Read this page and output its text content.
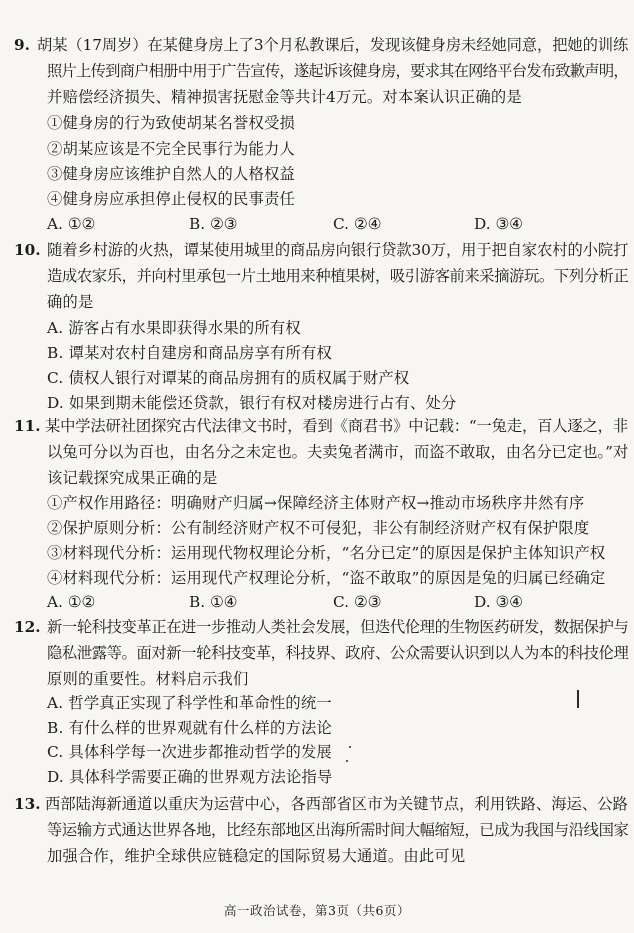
9. 胡某（17周岁）在某健身房上了3个月私教课后，发现该健身房未经她同意，把她的训练
照片上传到商户相册中用于广告宣传，遂起诉该健身房，要求其在网络平台发布致歉声明，
并赔偿经济损失、精神损害抚慰金等共计4万元。对本案认识正确的是
①健身房的行为致使胡某名誉权受损
②胡某应该是不完全民事行为能力人
③健身房应该维护自然人的人格权益
④健身房应承担停止侵权的民事责任
A. ①②	B. ②③	C. ②④	D. ③④
10. 随着乡村游的火热，谭某使用城里的商品房向银行贷款30万，用于把自家农村的小院打
造成农家乐，并向村里承包一片土地用来种植果树，吸引游客前来采摘游玩。下列分析正
确的是
A. 游客占有水果即获得水果的所有权
B. 谭某对农村自建房和商品房享有所有权
C. 债权人银行对谭某的商品房拥有的质权属于财产权
D. 如果到期未能偿还贷款，银行有权对楼房进行占有、处分
11. 某中学法研社团探究古代法律文书时，看到《商君书》中记载：“一兔走，百人逐之，非
以兔可分以为百也，由名分之未定也。夫卖兔者满市，而盗不敢取，由名分已定也。”对
该记载探究成果正确的是
①产权作用路径：明确财产归属→保障经济主体财产权→推动市场秩序井然有序
②保护原则分析：公有制经济财产权不可侵犯，非公有制经济财产权有保护限度
③材料现代分析：运用现代物权理论分析，“名分已定”的原因是保护主体知识产权
④材料现代分析：运用现代产权理论分析，“盗不敢取”的原因是兔的归属已经确定
A. ①②	B. ①④	C. ②③	D. ③④
12. 新一轮科技变革正在进一步推动人类社会发展，但迭代伦理的生物医药研发，数据保护与
隐私泄露等。面对新一轮科技变革，科技界、政府、公众需要认识到以人为本的科技伦理
原则的重要性。材料启示我们
A. 哲学真正实现了科学性和革命性的统一
B. 有什么样的世界观就有什么样的方法论
C. 具体科学每一次进步都推动哲学的发展
D. 具体科学需要正确的世界观方法论指导
13. 西部陆海新通道以重庆为运营中心，各西部省区市为关键节点，利用铁路、海运、公路
等运输方式通达世界各地，比经东部地区出海所需时间大幅缩短，已成为我国与沿线国家
加强合作，维护全球供应链稳定的国际贸易大通道。由此可见
高一政治试卷，第3页（共6页）
